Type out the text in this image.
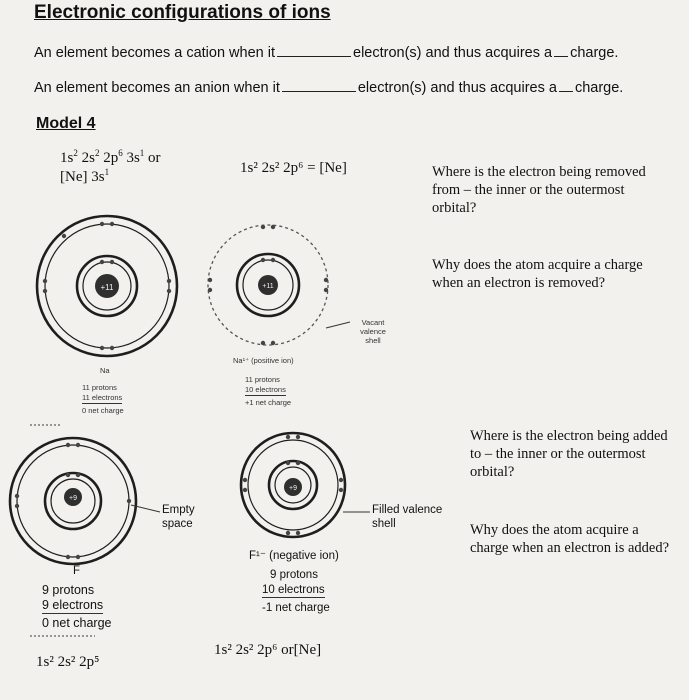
Electronic configurations of ions
An element becomes a cation when it	electron(s) and thus acquires a charge.
An element becomes an anion when it	electron(s) and thus acquires a charge.
Model 4
$1s^2$ $2s^2$ $2p^6$ $3s^1$ or
[Ne] $3s^1$	1s² 2s² 2p⁶ = [Ne]	Where is the electron being removed from – the inner or the outermost orbital?
Why does the atom acquire a charge when an electron is removed?
Where is the electron being added to – the inner or the outermost orbital?
Why does the atom acquire a charge when an electron is added?
+11	+11
+9
+9
Na
11 protons
11 electrons
0 net charge
Na¹⁺ (positive ion)
11 protons
10 electrons
+1 net charge
Vacant valence shell
Empty space
F
9 protons
9 electrons
0 net charge
1s² 2s² 2p⁵
Filled valence shell
F¹⁻ (negative ion)
9 protons
10 electrons
-1 net charge
1s² 2s² 2p⁶ or[Ne]
